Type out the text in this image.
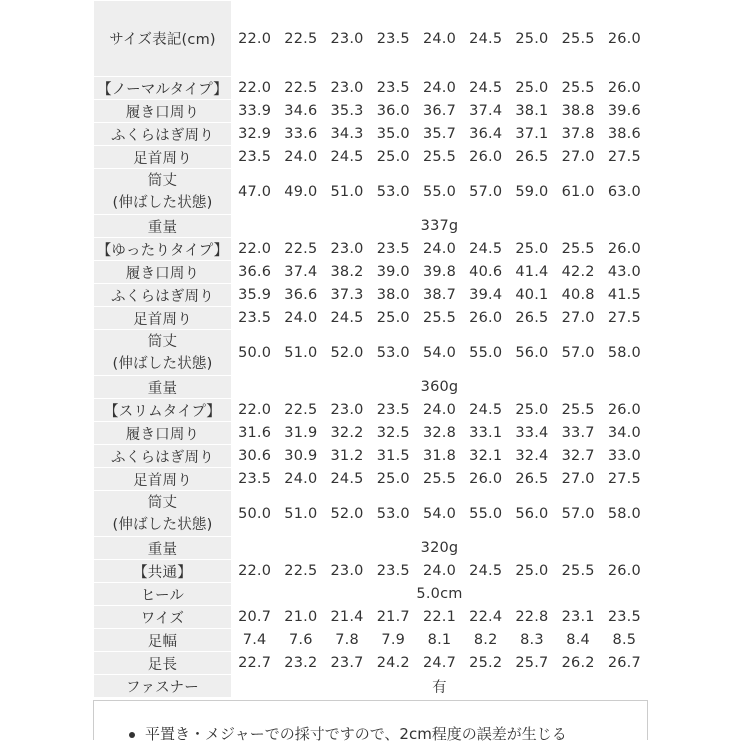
サイズ表記(cm)	22.0	22.5	23.0	23.5	24.0	24.5	25.0	25.5	26.0
【ノーマルタイプ】	22.0	22.5	23.0	23.5	24.0	24.5	25.0	25.5	26.0
履き口周り	33.9	34.6	35.3	36.0	36.7	37.4	38.1	38.8	39.6
ふくらはぎ周り	32.9	33.6	34.3	35.0	35.7	36.4	37.1	37.8	38.6
足首周り	23.5	24.0	24.5	25.0	25.5	26.0	26.5	27.0	27.5

筒丈
(伸ばした状態)	47.0	49.0	51.0	53.0	55.0	57.0	59.0	61.0	63.0
重量	337g								
【ゆったりタイプ】	22.0	22.5	23.0	23.5	24.0	24.5	25.0	25.5	26.0
履き口周り	36.6	37.4	38.2	39.0	39.8	40.6	41.4	42.2	43.0
ふくらはぎ周り	35.9	36.6	37.3	38.0	38.7	39.4	40.1	40.8	41.5
足首周り	23.5	24.0	24.5	25.0	25.5	26.0	26.5	27.0	27.5

筒丈
(伸ばした状態)	50.0	51.0	52.0	53.0	54.0	55.0	56.0	57.0	58.0
重量	360g								
【スリムタイプ】	22.0	22.5	23.0	23.5	24.0	24.5	25.0	25.5	26.0
履き口周り	31.6	31.9	32.2	32.5	32.8	33.1	33.4	33.7	34.0
ふくらはぎ周り	30.6	30.9	31.2	31.5	31.8	32.1	32.4	32.7	33.0
足首周り	23.5	24.0	24.5	25.0	25.5	26.0	26.5	27.0	27.5

筒丈
(伸ばした状態)	50.0	51.0	52.0	53.0	54.0	55.0	56.0	57.0	58.0
重量	320g								
【共通】	22.0	22.5	23.0	23.5	24.0	24.5	25.0	25.5	26.0
ヒール	5.0cm								
ワイズ	20.7	21.0	21.4	21.7	22.1	22.4	22.8	23.1	23.5
足幅	7.4	7.6	7.8	7.9	8.1	8.2	8.3	8.4	8.5
足長	22.7	23.2	23.7	24.2	24.7	25.2	25.7	26.2	26.7
ファスナー	有								
平置き・メジャーでの採寸ですので、2cm程度の誤差が生じる
